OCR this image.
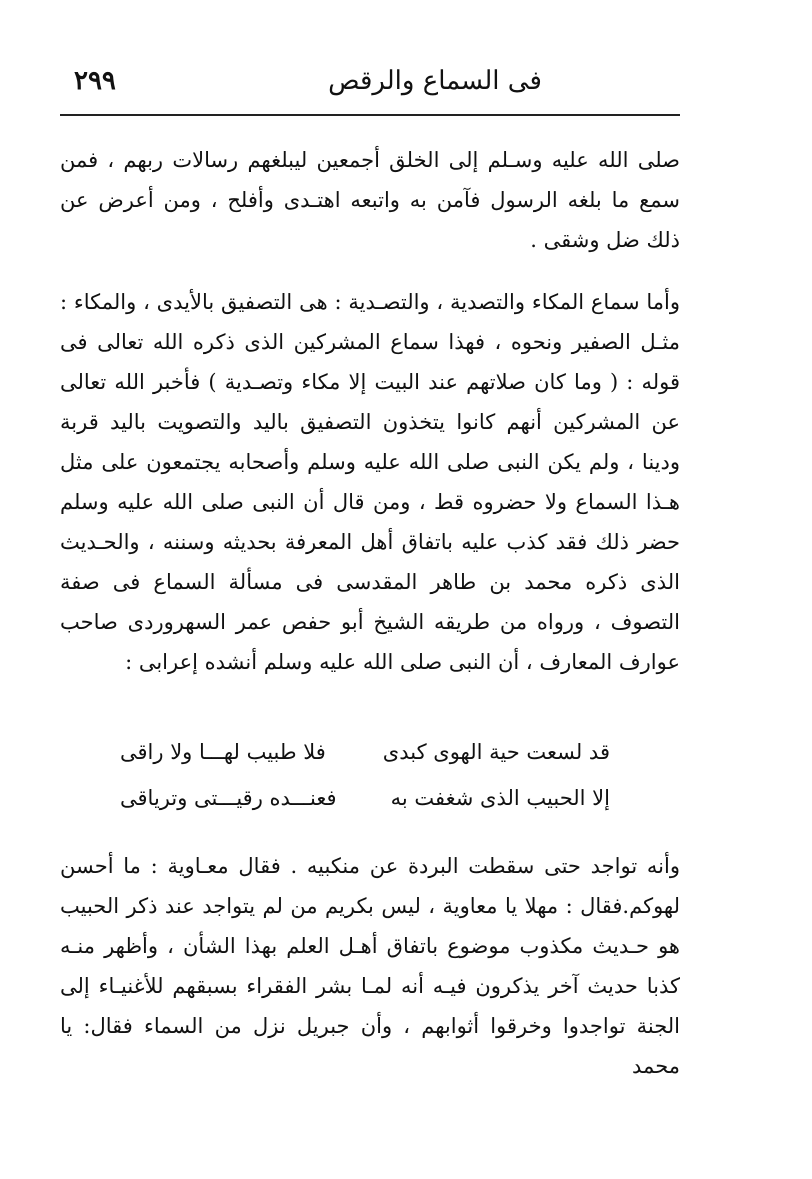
٢٩٩	فى السماع والرقص

صلى الله عليه وسـلم إلى الخلق أجمعين ليبلغهم رسالات ربهم ، فمن سمع ما بلغه الرسول فآمن به واتبعه اهتـدى وأفلح ، ومن أعرض عن ذلك ضل وشقى .

وأما سماع المكاء والتصدية ، والتصـدية : هى التصفيق بالأيدى ، والمكاء : مثـل الصفير ونحوه ، فهذا سماع المشركين الذى ذكره الله تعالى فى قوله : ( وما كان صلاتهم عند البيت إلا مكاء وتصـدية ) فأخبر الله تعالى عن المشركين أنهم كانوا يتخذون التصفيق باليد والتصويت باليد قربة ودينا ، ولم يكن النبى صلى الله عليه وسلم وأصحابه يجتمعون على مثل هـذا السماع ولا حضروه قط ، ومن قال أن النبى صلى الله عليه وسلم حضر ذلك فقد كذب عليه باتفاق أهل المعرفة بحديثه وسننه ، والحـديث الذى ذكره محمد بن طاهر المقدسى فى مسألة السماع فى صفة التصوف ، ورواه من طريقه الشيخ أبو حفص عمر السهروردى صاحب عوارف المعارف ، أن النبى صلى الله عليه وسلم أنشده إعرابى :

قد لسعت حية الهوى كبدى
فلا طبيب لهـــا ولا راقى
إلا الحبيب الذى شغفت به
فعنـــده رقيـــتى وترياقى

وأنه تواجد حتى سقطت البردة عن منكبيه . فقال معـاوية : ما أحسن لهوكم.فقال : مهلا يا معاوية ، ليس بكريم من لم يتواجد عند ذكر الحبيب هو حـديث مكذوب موضوع باتفاق أهـل العلم بهذا الشأن ، وأظهر منـه كذبا حديث آخر يذكرون فيـه أنه لمـا بشر الفقراء بسبقهم للأغنيـاء إلى الجنة تواجدوا وخرقوا أثوابهم ، وأن جبريل نزل من السماء فقال: يا محمد
